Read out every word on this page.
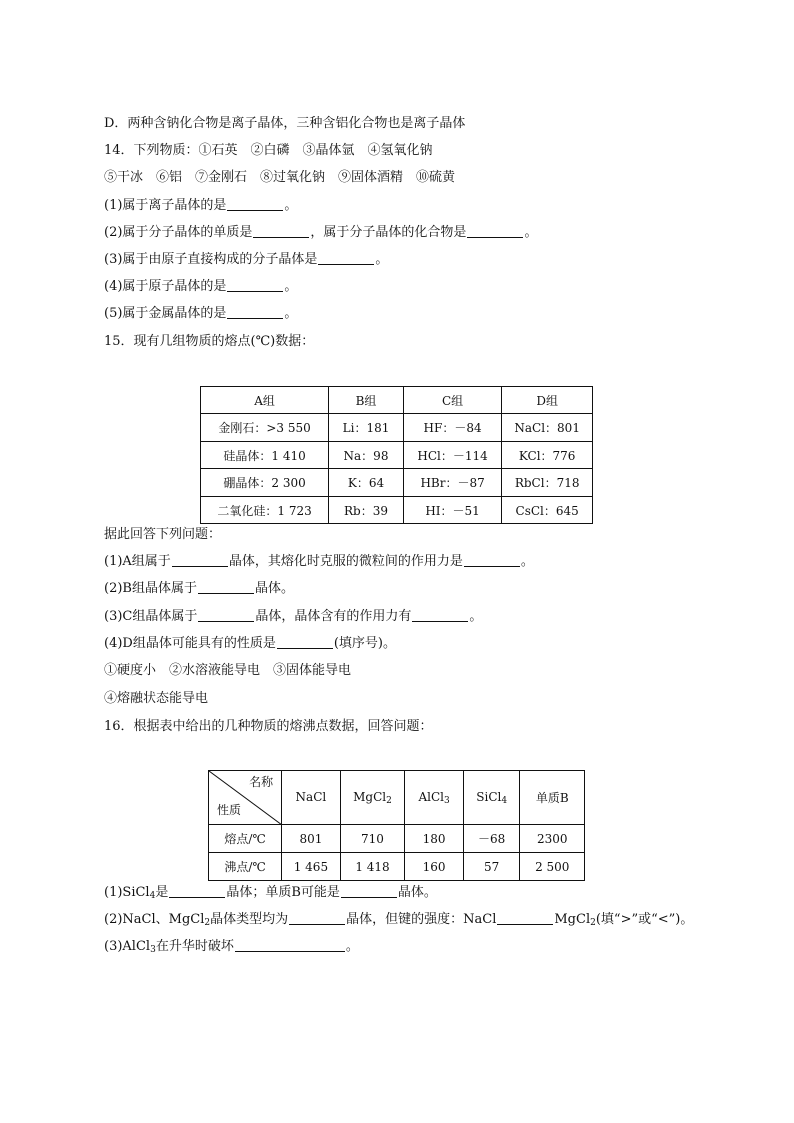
D．两种含钠化合物是离子晶体，三种含铝化合物也是离子晶体
14．下列物质：①石英　②白磷　③晶体氩　④氢氧化钠
⑤干冰　⑥铝　⑦金刚石　⑧过氧化钠　⑨固体酒精　⑩硫黄
(1)属于离子晶体的是	。
(2)属于分子晶体的单质是	，属于分子晶体的化合物是	。
(3)属于由原子直接构成的分子晶体是	。
(4)属于原子晶体的是	。
(5)属于金属晶体的是	。
15．现有几组物质的熔点(℃)数据：
A组	B组	C组	D组
金刚石：>3 550	Li：181	HF：－84	NaCl：801
硅晶体：1 410	Na：98	HCl：－114	KCl：776
硼晶体：2 300	K：64	HBr：－87	RbCl：718
二氧化硅：1 723	Rb：39	HI：－51	CsCl：645
据此回答下列问题：
(1)A组属于	晶体，其熔化时克服的微粒间的作用力是	。
(2)B组晶体属于	晶体。
(3)C组晶体属于	晶体，晶体含有的作用力有	。
(4)D组晶体可能具有的性质是	(填序号)。
①硬度小　②水溶液能导电　③固体能导电
④熔融状态能导电
16．根据表中给出的几种物质的熔沸点数据，回答问题：
名称
性质	NaCl	MgCl$_2$	AlCl$_3$	SiCl$_4$	单质B
熔点/℃	801	710	180	－68	2300
沸点/℃	1 465	1 418	160	57	2 500
(1)SiCl$_4$是	晶体；单质B可能是	晶体。
(2)NaCl、MgCl$_2$晶体类型均为	晶体，但键的强度：NaCl	MgCl$_2$(填“>”或“<”)。
(3)AlCl$_3$在升华时破坏	。
